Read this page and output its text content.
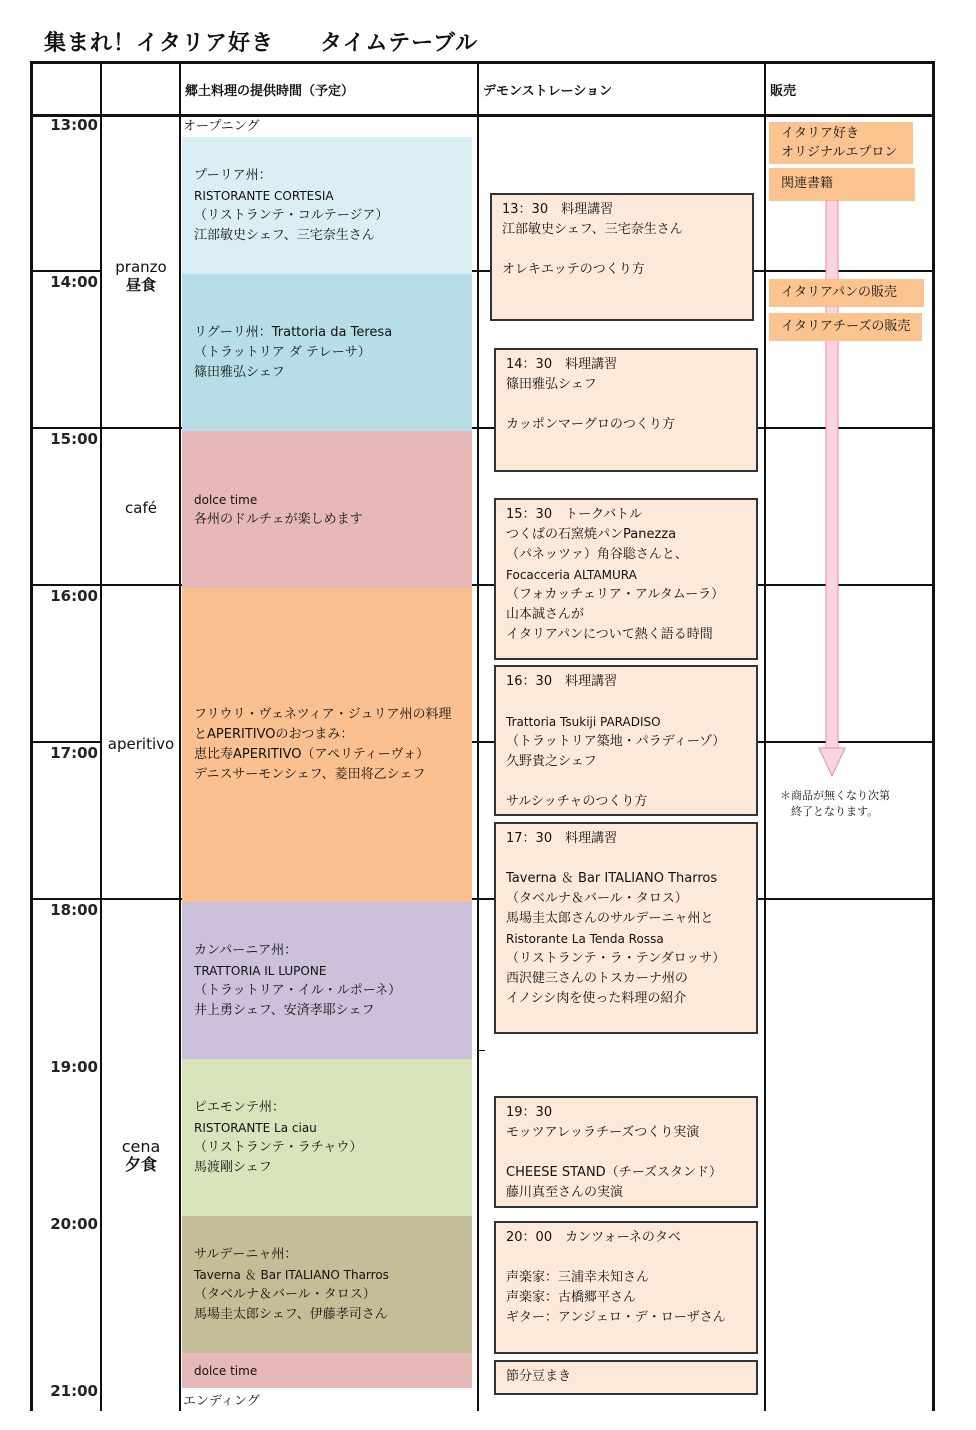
集まれ！イタリア好き　　タイムテーブル
郷土料理の提供時間（予定）	デモンストレーション	販売
13:00
14:00
15:00
16:00
17:00
18:00
19:00
20:00
21:00
pranzo
昼食
café
aperitivo
cena
夕食
オープニング
プーリア州：
RISTORANTE CORTESIA
（リストランテ・コルテージア）
江部敏史シェフ、三宅奈生さん
リグーリ州：Trattoria da Teresa
（トラットリア ダ テレーサ）
篠田雅弘シェフ
dolce time
各州のドルチェが楽しめます
フリウリ・ヴェネツィア・ジュリア州の料理
とAPERITIVOのおつまみ：
恵比寿APERITIVO（アペリティーヴォ）
デニスサーモンシェフ、菱田将乙シェフ
カンパーニア州：
TRATTORIA IL LUPONE
（トラットリア・イル・ルポーネ）
井上勇シェフ、安済孝耶シェフ
ピエモンテ州：
RISTORANTE La ciau
（リストランテ・ラチャウ）
馬渡剛シェフ
サルデーニャ州：
Taverna ＆ Bar ITALIANO Tharros
（タベルナ＆バール・タロス）
馬場圭太郎シェフ、伊藤孝司さん
dolce time
エンディング
13：30　料理講習
江部敏史シェフ、三宅奈生さん
オレキエッテのつくり方
14：30　料理講習
篠田雅弘シェフ
カッポンマーグロのつくり方
15：30　トークバトル
つくばの石窯焼パンPanezza
（パネッツァ）角谷聡さんと、
Focacceria ALTAMURA
（フォカッチェリア・アルタムーラ）
山本誠さんが
イタリアパンについて熱く語る時間
16：30　料理講習
Trattoria Tsukiji PARADISO
（トラットリア築地・パラディーゾ）
久野貴之シェフ
サルシッチャのつくり方
17：30　料理講習
Taverna ＆ Bar ITALIANO Tharros
（タベルナ＆バール・タロス）
馬場圭太郎さんのサルデーニャ州と
Ristorante La Tenda Rossa
（リストランテ・ラ・テンダロッサ）
西沢健三さんのトスカーナ州の
イノシシ肉を使った料理の紹介
19：30
モッツアレッラチーズつくり実演
CHEESE STAND（チーズスタンド）
藤川真至さんの実演
20：00　カンツォーネのタベ
声楽家：三浦幸未知さん
声楽家：古橋郷平さん
ギター：アンジェロ・デ・ローザさん
節分豆まき
イタリア好き
オリジナルエプロン
関連書籍
イタリアパンの販売
イタリアチーズの販売
＊商品が無くなり次第
　終了となります。
